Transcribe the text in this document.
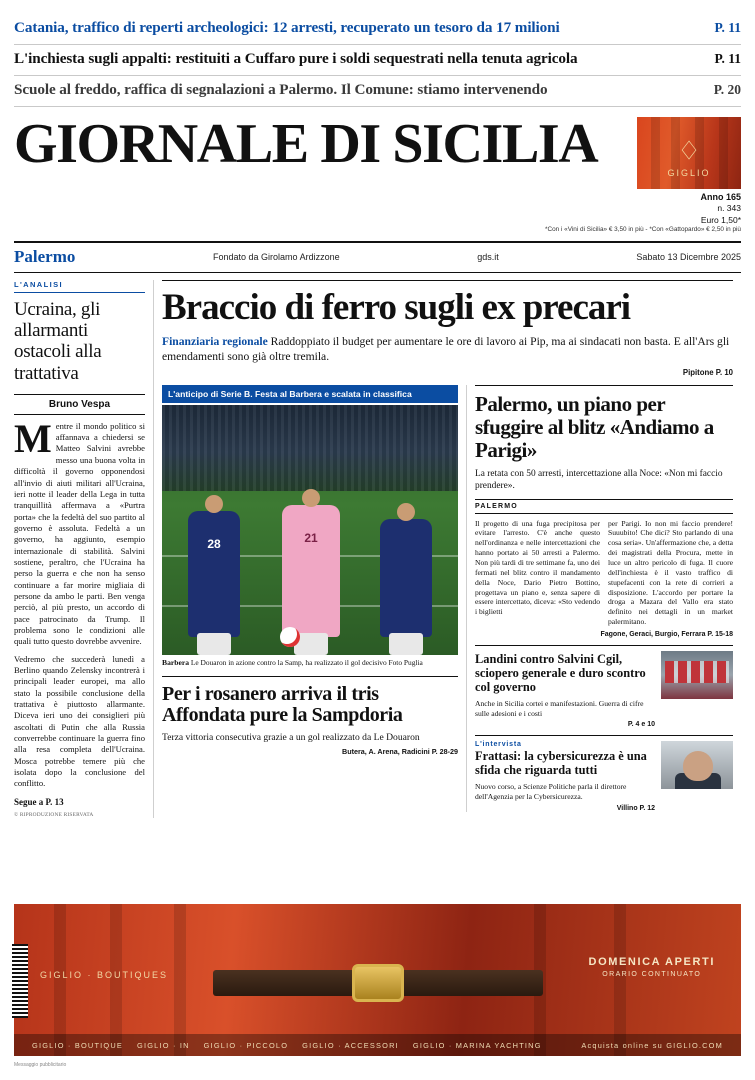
Catania, traffico di reperti archeologici: 12 arresti, recuperato un tesoro da 17 milioni	P. 11
L'inchiesta sugli appalti: restituiti a Cuffaro pure i soldi sequestrati nella tenuta agricola	P. 11
Scuole al freddo, raffica di segnalazioni a Palermo. Il Comune: stiamo intervenendo	P. 20
GIORNALE DI SICILIA	♢
GIGLIO
Anno 165
n. 343
Euro 1,50*
*Con i «Vini di Sicilia» € 3,50 in più - *Con «Gattopardo» € 2,50 in più
Palermo	Fondato da Girolamo Ardizzone	gds.it	Sabato 13 Dicembre 2025
L'ANALISI
Ucraina, gli allarmanti ostacoli alla trattativa
Bruno Vespa
M entre il mondo politico si affannava a chiedersi se Matteo Salvini avrebbe messo una buona volta in difficoltà il governo opponendosi all'invio di aiuti militari all'Ucraina, ieri notte il leader della Lega in tutta tranquillità affermava a «Purtra porta» che la fedeltà del suo partito al governo è assoluta. Fedeltà a un governo, ha aggiunto, esempio internazionale di stabilità. Salvini sostiene, peraltro, che l'Ucraina ha perso la guerra e che non ha senso continuare a far morire migliaia di persone da ambo le parti. Ben venga perciò, al più presto, un accordo di pace patrocinato da Trump. Il problema sono le condizioni alle quali tutto questo dovrebbe avvenire.
Vedremo che succederà lunedì a Berlino quando Zelensky incontrerà i principali leader europei, ma allo stato la possibile conclusione della trattativa è piuttosto allarmante. Diceva ieri uno dei consiglieri più ascoltati di Putin che alla Russia converrebbe continuare la guerra fino alla resa completa dell'Ucraina. Mosca potrebbe temere più che isolata dopo la conclusione del conflitto.
Segue a P. 13
© RIPRODUZIONE RISERVATA
Braccio di ferro sugli ex precari
Finanziaria regionale Raddoppiato il budget per aumentare le ore di lavoro ai Pip, ma ai sindacati non basta. E all'Ars gli emendamenti sono già oltre tremila.
Pipitone P. 10
L'anticipo di Serie B. Festa al Barbera e scalata in classifica
28	21
Barbera Le Douaron in azione contro la Samp, ha realizzato il gol decisivo Foto Puglia
Per i rosanero arriva il tris Affondata pure la Sampdoria
Terza vittoria consecutiva grazie a un gol realizzato da Le Douaron
Butera, A. Arena, Radicini P. 28-29
Palermo, un piano per sfuggire al blitz «Andiamo a Parigi»
La retata con 50 arresti, intercettazione alla Noce: «Non mi faccio prendere».
PALERMO

Il progetto di una fuga precipitosa per evitare l'arresto. C'è anche questo nell'ordinanza e nelle intercettazioni che hanno portato ai 50 arresti a Palermo. Non più tardi di tre settimane fa, uno dei fermati nel blitz contro il mandamento della Noce, Dario Pietro Bottino, progettava un piano e, senza sapere di essere intercettato, diceva: «Sto vedendo i biglietti

per Parigi. Io non mi faccio prendere! Suuubito! Che dici? Sto parlando di una cosa seria». Un'affermazione che, a detta dei magistrati della Procura, mette in luce un altro pericolo di fuga. Il cuore dell'inchiesta è il vasto traffico di stupefacenti con la rete di corrieri a disposizione. L'accordo per portare la droga a Mazara del Vallo era stato definito nei dettagli in un market palermitano.

Fagone, Geraci, Burgio, Ferrara P. 15-18
Landini contro Salvini Cgil, sciopero generale e duro scontro col governo

Anche in Sicilia cortei e manifestazioni. Guerra di cifre sulle adesioni e i costi

P. 4 e 10
L'intervista
Frattasi: la cybersicurezza è una sfida che riguarda tutti

Nuovo corso, a Scienze Politiche parla il direttore dell'Agenzia per la Cybersicurezza.

Villino P. 12
GIGLIO · BOUTIQUES
DOMENICA APERTI
ORARIO CONTINUATO
GIGLIO · BOUTIQUE GIGLIO · IN GIGLIO · PICCOLO GIGLIO · ACCESSORI GIGLIO · MARINA YACHTING	Acquista online su GIGLIO.COM
Messaggio pubblicitario
